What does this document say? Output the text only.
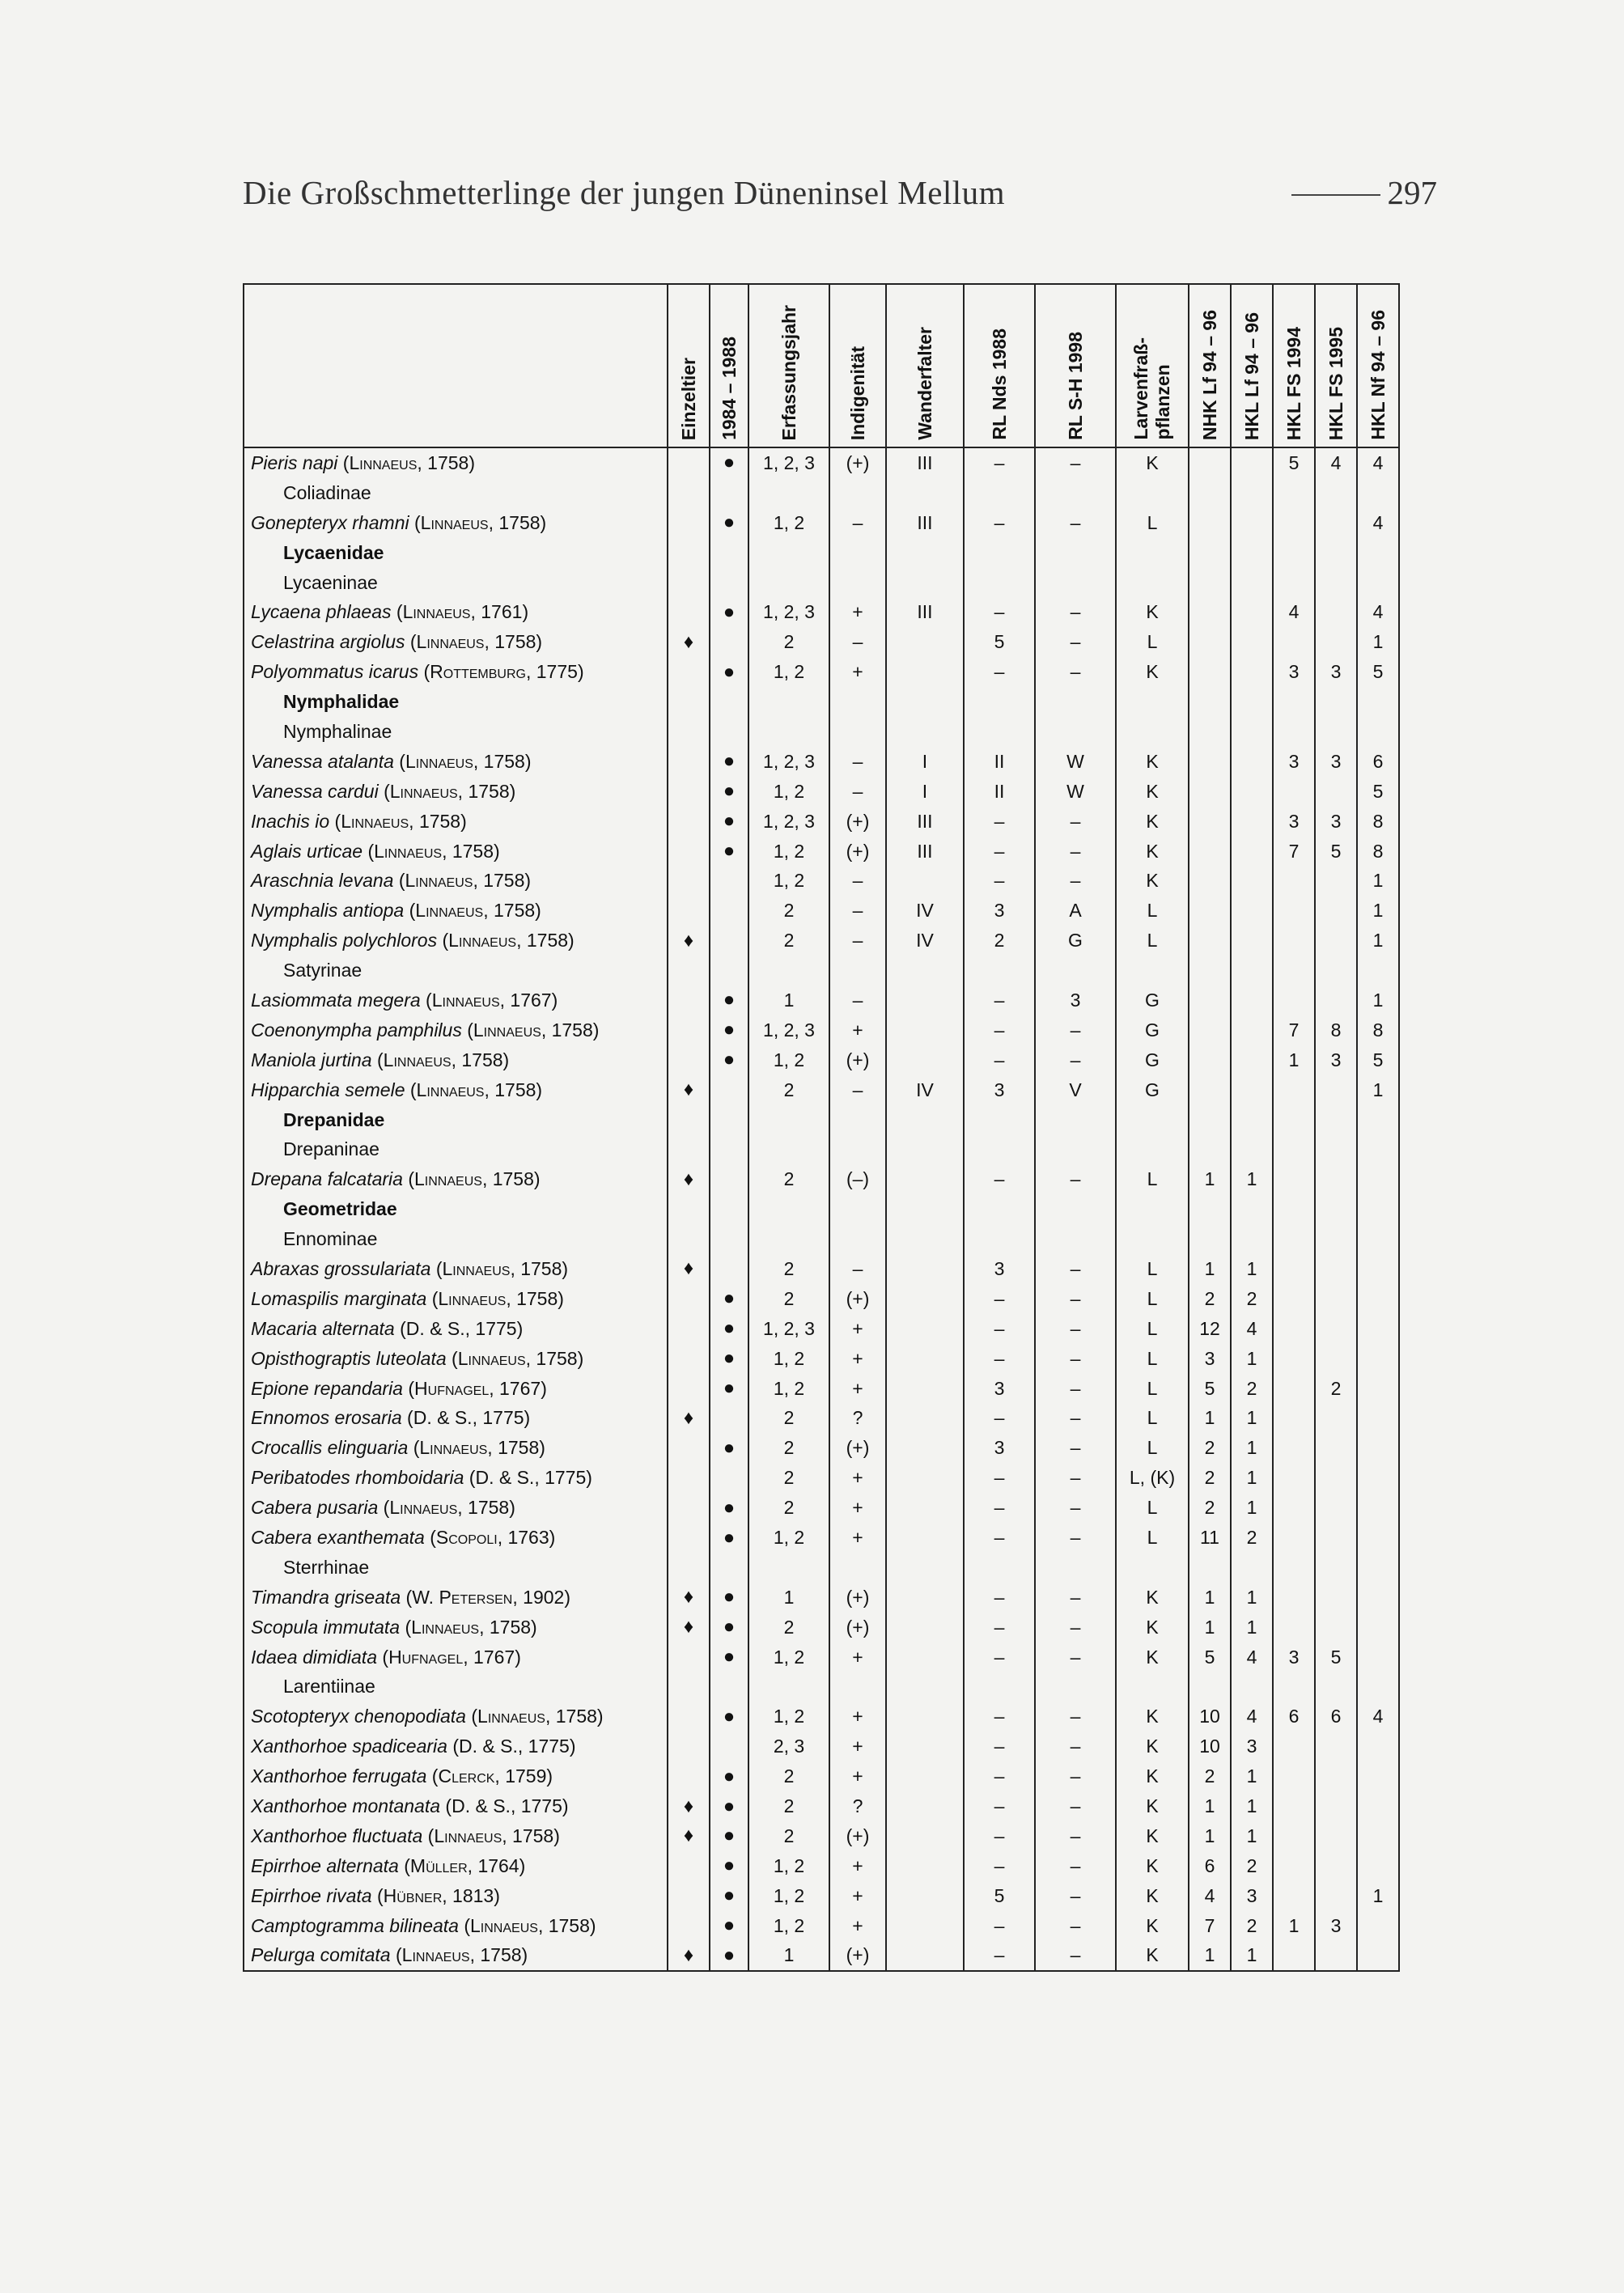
Die Großschmetterlinge der jungen Düneninsel Mellum	297

	Einzeltier	1984 – 1988	Erfassungsjahr	Indigenität	Wanderfalter	RL Nds 1988	RL S-H 1998	Larvenfraß-
pflanzen	NHK Lf 94 – 96	HKL Lf 94 – 96	HKL FS 1994	HKL FS 1995	HKL Nf 94 – 96

Pieris napi (Linnaeus, 1758)		●	1, 2, 3	(+)	III	–	–	K			5	4	4
Coliadinae													
Gonepteryx rhamni (Linnaeus, 1758)		●	1, 2	–	III	–	–	L					4
Lycaenidae													
Lycaeninae													
Lycaena phlaeas (Linnaeus, 1761)		●	1, 2, 3	+	III	–	–	K			4		4
Celastrina argiolus (Linnaeus, 1758)	♦		2	–		5	–	L					1
Polyommatus icarus (Rottemburg, 1775)		●	1, 2	+		–	–	K			3	3	5
Nymphalidae													
Nymphalinae													
Vanessa atalanta (Linnaeus, 1758)		●	1, 2, 3	–	I	II	W	K			3	3	6
Vanessa cardui (Linnaeus, 1758)		●	1, 2	–	I	II	W	K					5
Inachis io (Linnaeus, 1758)		●	1, 2, 3	(+)	III	–	–	K			3	3	8
Aglais urticae (Linnaeus, 1758)		●	1, 2	(+)	III	–	–	K			7	5	8
Araschnia levana (Linnaeus, 1758)			1, 2	–		–	–	K					1
Nymphalis antiopa (Linnaeus, 1758)			2	–	IV	3	A	L					1
Nymphalis polychloros (Linnaeus, 1758)	♦		2	–	IV	2	G	L					1
Satyrinae													
Lasiommata megera (Linnaeus, 1767)		●	1	–		–	3	G					1
Coenonympha pamphilus (Linnaeus, 1758)		●	1, 2, 3	+		–	–	G			7	8	8
Maniola jurtina (Linnaeus, 1758)		●	1, 2	(+)		–	–	G			1	3	5
Hipparchia semele (Linnaeus, 1758)	♦		2	–	IV	3	V	G					1
Drepanidae													
Drepaninae													
Drepana falcataria (Linnaeus, 1758)	♦		2	(–)		–	–	L	1	1			
Geometridae													
Ennominae													
Abraxas grossulariata (Linnaeus, 1758)	♦		2	–		3	–	L	1	1			
Lomaspilis marginata (Linnaeus, 1758)		●	2	(+)		–	–	L	2	2			
Macaria alternata (D. & S., 1775)		●	1, 2, 3	+		–	–	L	12	4			
Opisthograptis luteolata (Linnaeus, 1758)		●	1, 2	+		–	–	L	3	1			
Epione repandaria (Hufnagel, 1767)		●	1, 2	+		3	–	L	5	2		2	
Ennomos erosaria (D. & S., 1775)	♦		2	?		–	–	L	1	1			
Crocallis elinguaria (Linnaeus, 1758)		●	2	(+)		3	–	L	2	1			
Peribatodes rhomboidaria (D. & S., 1775)			2	+		–	–	L, (K)	2	1			
Cabera pusaria (Linnaeus, 1758)		●	2	+		–	–	L	2	1			
Cabera exanthemata (Scopoli, 1763)		●	1, 2	+		–	–	L	11	2			
Sterrhinae													
Timandra griseata (W. Petersen, 1902)	♦	●	1	(+)		–	–	K	1	1			
Scopula immutata (Linnaeus, 1758)	♦	●	2	(+)		–	–	K	1	1			
Idaea dimidiata (Hufnagel, 1767)		●	1, 2	+		–	–	K	5	4	3	5	
Larentiinae													
Scotopteryx chenopodiata (Linnaeus, 1758)		●	1, 2	+		–	–	K	10	4	6	6	4
Xanthorhoe spadicearia (D. & S., 1775)			2, 3	+		–	–	K	10	3			
Xanthorhoe ferrugata (Clerck, 1759)		●	2	+		–	–	K	2	1			
Xanthorhoe montanata (D. & S., 1775)	♦	●	2	?		–	–	K	1	1			
Xanthorhoe fluctuata (Linnaeus, 1758)	♦	●	2	(+)		–	–	K	1	1			
Epirrhoe alternata (Müller, 1764)		●	1, 2	+		–	–	K	6	2			
Epirrhoe rivata (Hübner, 1813)		●	1, 2	+		5	–	K	4	3			1
Camptogramma bilineata (Linnaeus, 1758)		●	1, 2	+		–	–	K	7	2	1	3	
Pelurga comitata (Linnaeus, 1758)	♦	●	1	(+)		–	–	K	1	1			
